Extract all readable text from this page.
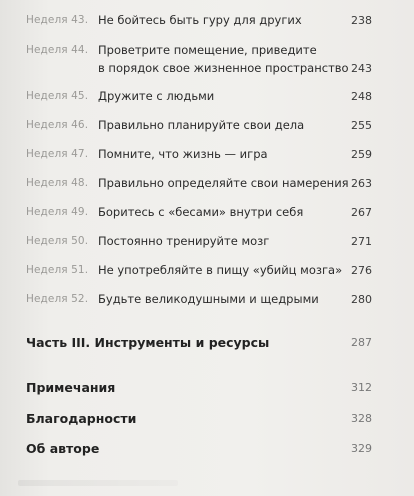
Неделя 43. Не бойтесь быть гуру для других	238
Неделя 44. Проветрите помещение, приведите
в порядок свое жизненное пространство 243
Неделя 45. Дружите с людьми	248
Неделя 46. Правильно планируйте свои дела	255
Неделя 47. Помните, что жизнь — игра	259
Неделя 48. Правильно определяйте свои намерения 263
Неделя 49. Боритесь с «бесами» внутри себя	267
Неделя 50. Постоянно тренируйте мозг	271
Неделя 51. Не употребляйте в пищу «убийц мозга» 276
Неделя 52. Будьте великодушными и щедрыми	280
Часть III. Инструменты и ресурсы	287
Примечания	312
Благодарности	328
Об авторе	329
